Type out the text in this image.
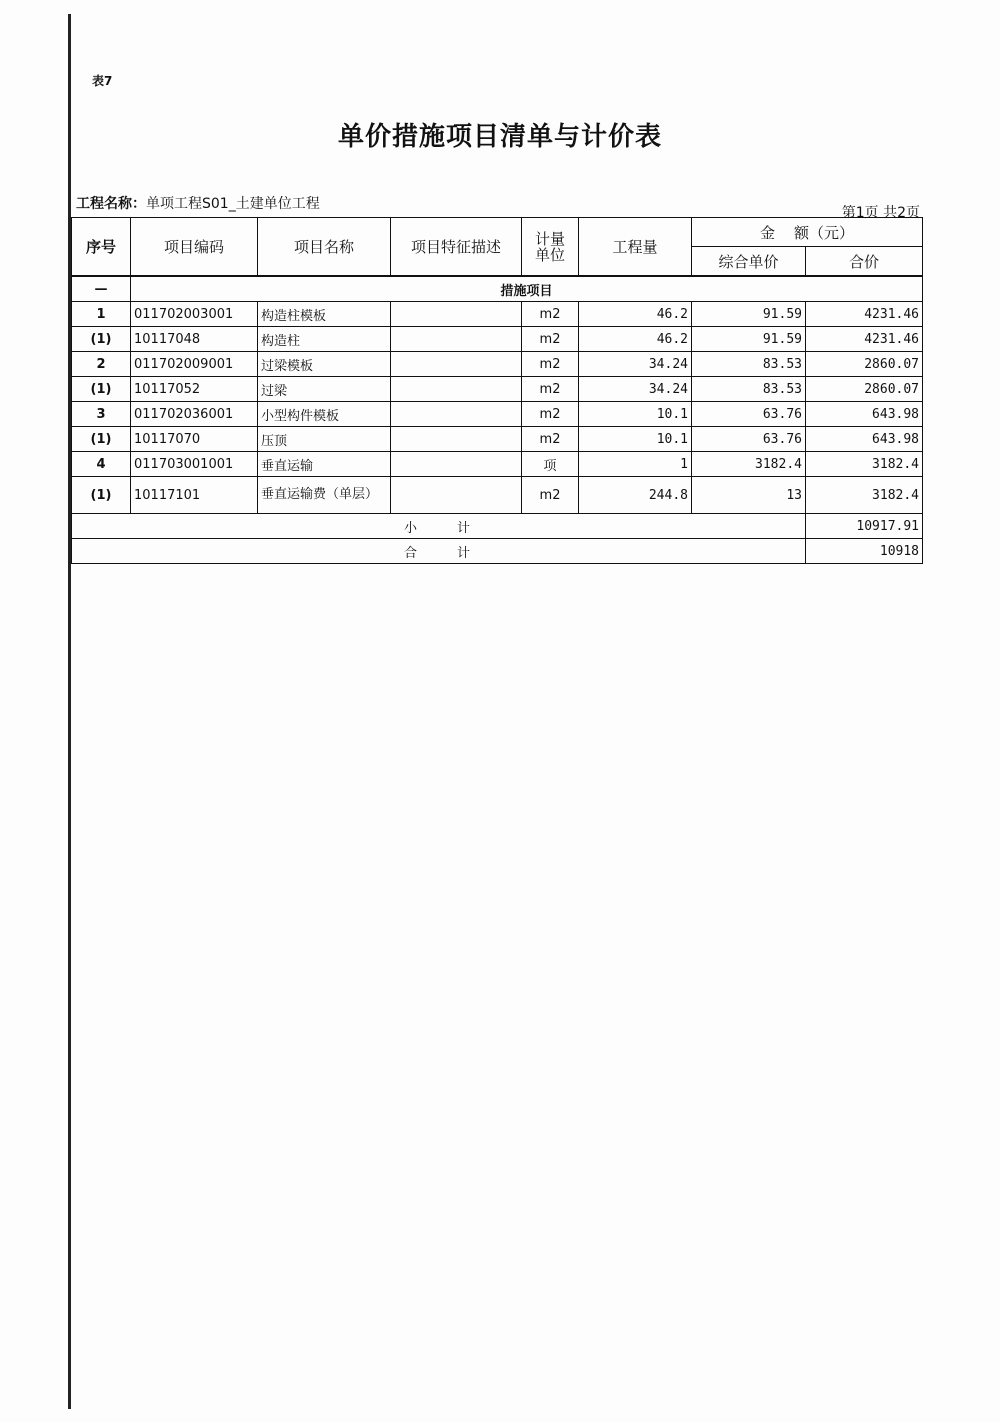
表7
单价措施项目清单与计价表
工程名称：单项工程S01_土建单位工程
第1页 共2页
序号	项目编码	项目名称	项目特征描述	计量单位	工程量	金    额（元）	
						综合单价	合价
—	措施项目						
1	011702003001	构造柱模板		m2	46.2	91.59	4231.46
(1)	10117048	构造柱		m2	46.2	91.59	4231.46
2	011702009001	过梁模板		m2	34.24	83.53	2860.07
(1)	10117052	过梁		m2	34.24	83.53	2860.07
3	011702036001	小型构件模板		m2	10.1	63.76	643.98
(1)	10117070	压顶		m2	10.1	63.76	643.98
4	011703001001	垂直运输		项	1	3182.4	3182.4
(1)	10117101	垂直运输费（单层）		m2	244.8	13	3182.4
小计							10917.91
合计							10918
